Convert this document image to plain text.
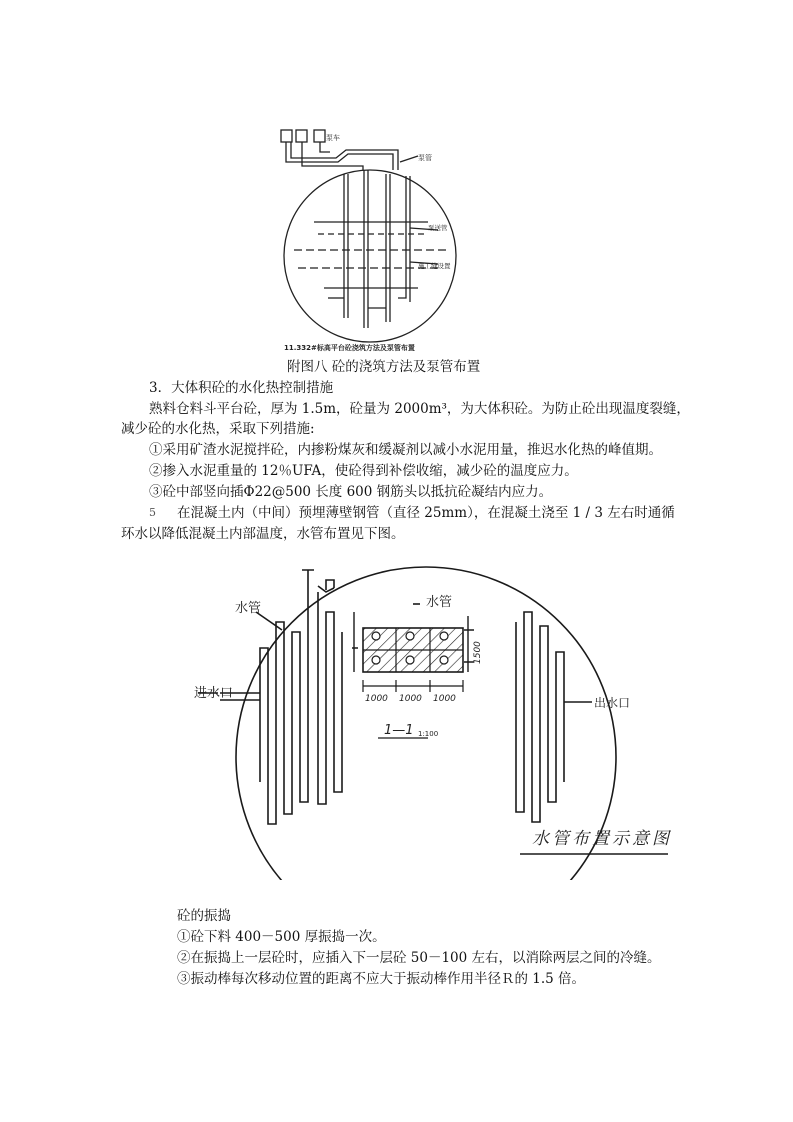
泵车
泵管
泵送管
施工缝设置
11.332#标高平台砼浇筑方法及泵管布置
附图八 砼的浇筑方法及泵管布置
3．大体积砼的水化热控制措施
熟料仓料斗平台砼，厚为 1.5m，砼量为 2000m³，为大体积砼。为防止砼出现温度裂缝，
减少砼的水化热，采取下列措施:
①采用矿渣水泥搅拌砼，内掺粉煤灰和缓凝剂以减小水泥用量，推迟水化热的峰值期。
②掺入水泥重量的 12％UFA，使砼得到补偿收缩，减少砼的温度应力。
③砼中部竖向插Φ22@500 长度 600 钢筋头以抵抗砼凝结内应力。
5 在混凝土内（中间）预埋薄壁钢管（直径 25mm），在混凝土浇至 1 / 3 左右时通循
环水以降低混凝土内部温度，水管布置见下图。
水管	水管
进水口
出水口
1000 1000 1000
1500
1—1 1:100
水管布置示意图
砼的振捣
①砼下料 400－500 厚振捣一次。
②在振捣上一层砼时，应插入下一层砼 50－100 左右，以消除两层之间的冷缝。
③振动棒每次移动位置的距离不应大于振动棒作用半径Ｒ的 1.5 倍。
